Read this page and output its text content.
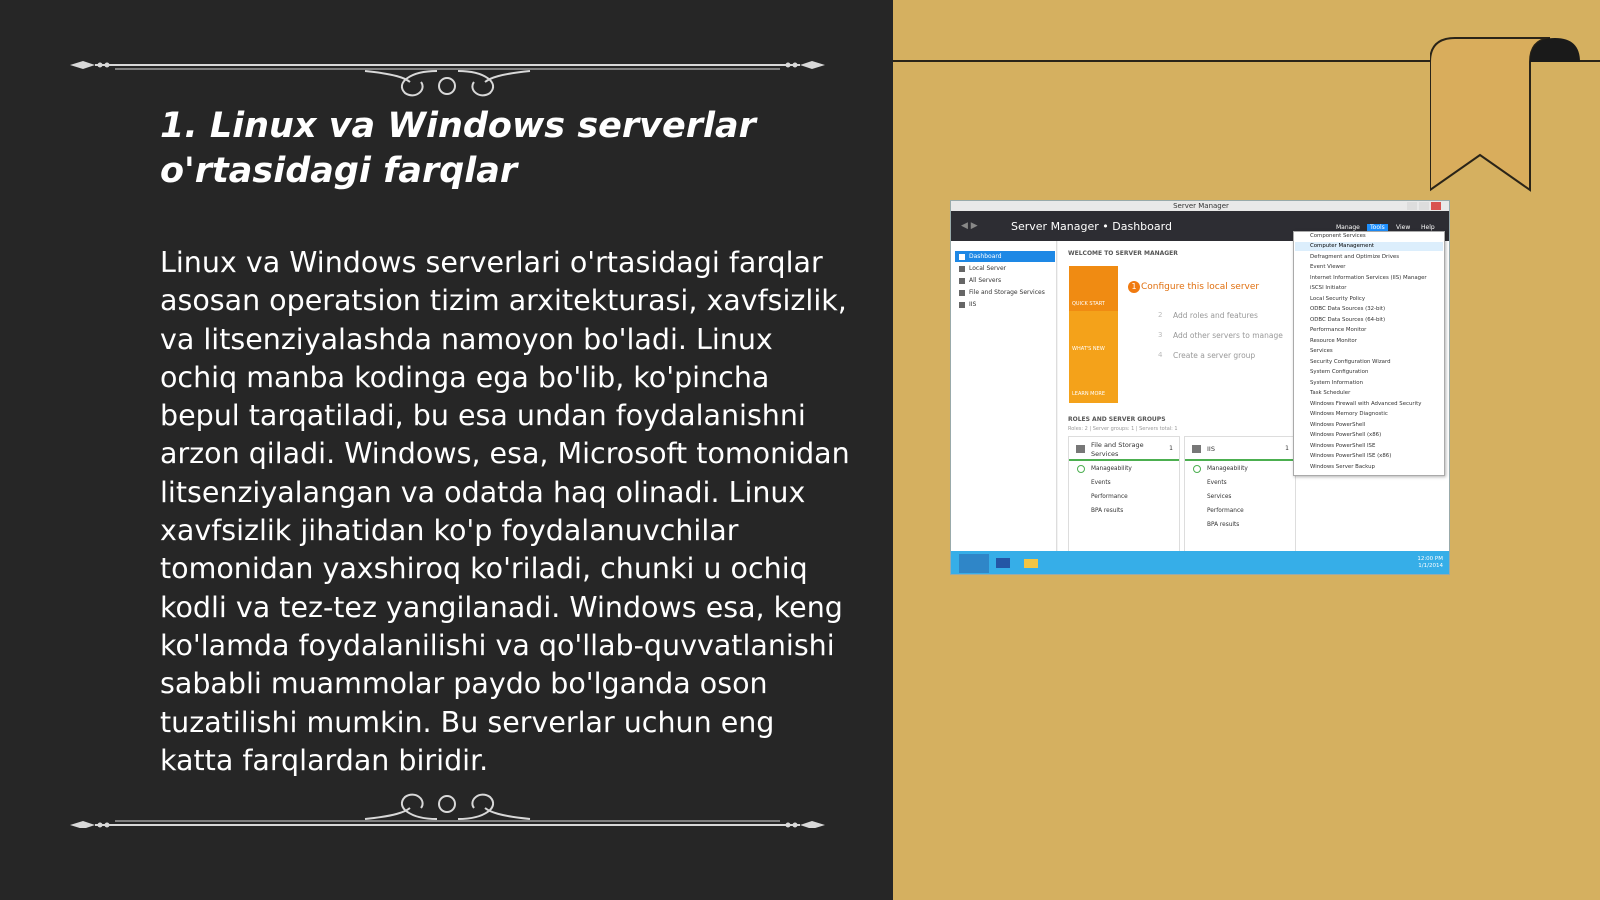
1. Linux va Windows serverlar o'rtasidagi farqlar
Linux va Windows serverlari o'rtasidagi farqlar asosan operatsion tizim arxitekturasi, xavfsizlik, va litsenziyalashda namoyon bo'ladi. Linux ochiq manba kodinga ega bo'lib, ko'pincha bepul tarqatiladi, bu esa undan foydalanishni arzon qiladi. Windows, esa, Microsoft tomonidan litsenziyalangan va odatda haq olinadi. Linux xavfsizlik jihatidan ko'p foydalanuvchilar tomonidan yaxshiroq ko'riladi, chunki u ochiq kodli va tez-tez yangilanadi. Windows esa, keng ko'lamda foydalanilishi va qo'llab-quvvatlanishi sababli muammolar paydo bo'lganda oson tuzatilishi mumkin. Bu serverlar uchun eng katta farqlardan biridir.
Server Manager
◀ ▶	Server Manager • Dashboard	Manage	Tools	View Help
Dashboard
Local Server
All Servers
File and Storage Services
IIS
WELCOME TO SERVER MANAGER
QUICK START
WHAT'S NEW
LEARN MORE
1 Configure this local server
2 Add roles and features
3 Add other servers to manage
4 Create a server group
ROLES AND SERVER GROUPS
Roles: 2 | Server groups: 1 | Servers total: 1
File and Storage Services
1
Manageability
Events
Performance
BPA results
IIS	1
Manageability
Events
Services
Performance
BPA results
Component Services
Computer Management
Defragment and Optimize Drives
Event Viewer
Internet Information Services (IIS) Manager
iSCSI Initiator
Local Security Policy
ODBC Data Sources (32-bit)
ODBC Data Sources (64-bit)
Performance Monitor
Resource Monitor
Services
Security Configuration Wizard
System Configuration
System Information
Task Scheduler
Windows Firewall with Advanced Security
Windows Memory Diagnostic
Windows PowerShell
Windows PowerShell (x86)
Windows PowerShell ISE
Windows PowerShell ISE (x86)
Windows Server Backup
12:00 PM
1/1/2014
